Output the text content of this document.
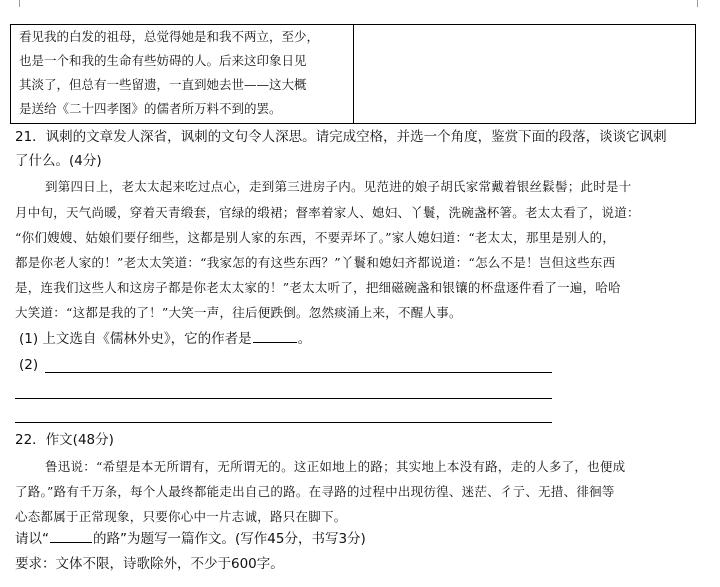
看见我的白发的祖母，总觉得她是和我不两立，至少，
也是一个和我的生命有些妨碍的人。后来这印象日见
其淡了，但总有一些留遗，一直到她去世——这大概
是送给《二十四孝图》的儒者所万料不到的罢。
21．讽刺的文章发人深省，讽刺的文句令人深思。请完成空格，并选一个角度，鉴赏下面的段落，谈谈它讽刺
了什么。(4分)
到第四日上，老太太起来吃过点心，走到第三进房子内。见范进的娘子胡氏家常戴着银丝鬏髻；此时是十
月中旬，天气尚暖，穿着天青缎套，官绿的缎裙；督率着家人、媳妇、丫鬟，洗碗盏杯箸。老太太看了，说道：
“你们嫂嫂、姑娘们要仔细些，这都是别人家的东西，不要弄坏了。”家人媳妇道：“老太太，那里是别人的，
都是你老人家的！”老太太笑道：“我家怎的有这些东西？”丫鬟和媳妇齐都说道：“怎么不是！岂但这些东西
是，连我们这些人和这房子都是你老太太家的！”老太太听了，把细磁碗盏和银镶的杯盘逐件看了一遍，哈哈
大笑道：“这都是我的了！”大笑一声，往后便跌倒。忽然痰涌上来，不醒人事。
(1) 上文选自《儒林外史》，它的作者是	。
(2)
22．作文(48分)
鲁迅说：“希望是本无所谓有，无所谓无的。这正如地上的路；其实地上本没有路，走的人多了，也便成
了路。”路有千万条，每个人最终都能走出自己的路。在寻路的过程中出现彷徨、迷茫、彳亍、无措、徘徊等
心态都属于正常现象，只要你心中一片志诚，路只在脚下。
请以“	的路”为题写一篇作文。(写作45分，书写3分)
要求：文体不限，诗歌除外，不少于600字。
